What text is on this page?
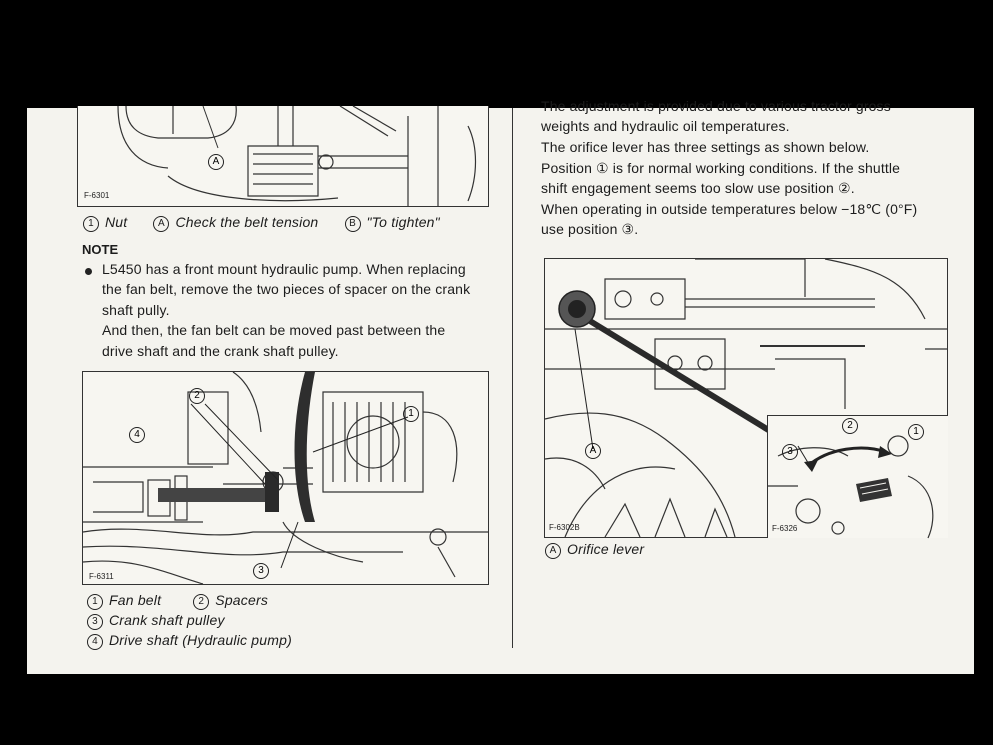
A
F-6301
1 Nut	A Check the belt tension	B "To tighten"
NOTE
L5450 has a front mount hydraulic pump. When replacing
the fan belt, remove the two pieces of spacer on the crank
shaft pully.
And then, the fan belt can be moved past between the
drive shaft and the crank shaft pulley.
1
2
3
4
F-6311
1 Fan belt	2 Spacers
3 Crank shaft pulley
4 Drive shaft (Hydraulic pump)
The adjustment is provided due to various tractor gross
weights and hydraulic oil temperatures.
The orifice lever has three settings as shown below.
Position ① is for normal working conditions. If the shuttle
shift engagement seems too slow use position ②.
When operating in outside temperatures below −18℃ (0°F)
use position ③.
1
2
3
F-6326
A
F-6302B
A Orifice lever
